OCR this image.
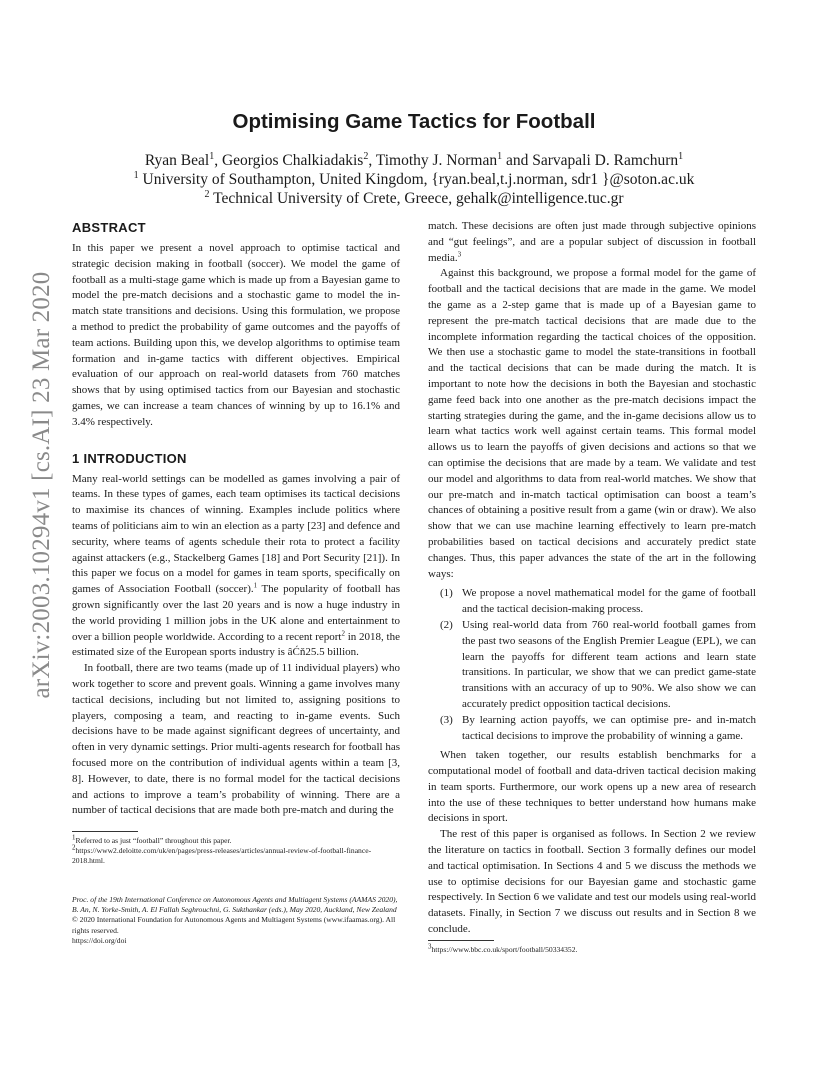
arXiv:2003.10294v1 [cs.AI] 23 Mar 2020
Optimising Game Tactics for Football
Ryan Beal$^1$, Georgios Chalkiadakis$^2$, Timothy J. Norman$^1$ and Sarvapali D. Ramchurn$^1$
$^1$ University of Southampton, United Kingdom, {ryan.beal,t.j.norman, sdr1 }@soton.ac.uk
$^2$ Technical University of Crete, Greece, gehalk@intelligence.tuc.gr
ABSTRACT

In this paper we present a novel approach to optimise tactical and strategic decision making in football (soccer). We model the game of football as a multi-stage game which is made up from a Bayesian game to model the pre-match decisions and a stochastic game to model the in-match state transitions and decisions. Using this formulation, we propose a method to predict the probability of game outcomes and the payoffs of team actions. Building upon this, we develop algorithms to optimise team formation and in-game tactics with different objectives. Empirical evaluation of our approach on real-world datasets from 760 matches shows that by using optimised tactics from our Bayesian and stochastic games, we can increase a team chances of winning by up to 16.1% and 3.4% respectively.

1 INTRODUCTION

Many real-world settings can be modelled as games involving a pair of teams. In these types of games, each team optimises its tactical decisions to maximise its chances of winning. Examples include politics where teams of politicians aim to win an election as a party [23] and defence and security, where teams of agents schedule their rota to protect a facility against attackers (e.g., Stackelberg Games [18] and Port Security [21]). In this paper we focus on a model for games in team sports, specifically on games of Association Football (soccer).$^1$ The popularity of football has grown significantly over the last 20 years and is now a huge industry in the world providing 1 million jobs in the UK alone and entertainment to over a billion people worldwide. According to a recent report$^2$ in 2018, the estimated size of the European sports industry is âĆň25.5 billion.

In football, there are two teams (made up of 11 individual players) who work together to score and prevent goals. Winning a game involves many tactical decisions, including but not limited to, assigning positions to players, composing a team, and reacting to in-game events. Such decisions have to be made against significant degrees of uncertainty, and often in very dynamic settings. Prior multi-agents research for football has focused more on the contribution of individual agents within a team [3, 8]. However, to date, there is no formal model for the tactical decisions and actions to improve a team’s probability of winning. There are a number of tactical decisions that are made both pre-match and during the

$^1$Referred to as just “football” throughout this paper.

$^2$https://www2.deloitte.com/uk/en/pages/press-releases/articles/annual-review-of-football-finance-2018.html.

Proc. of the 19th International Conference on Autonomous Agents and Multiagent Systems (AAMAS 2020), B. An, N. Yorke-Smith, A. El Fallah Seghrouchni, G. Sukthankar (eds.), May 2020, Auckland, New Zealand

© 2020 International Foundation for Autonomous Agents and Multiagent Systems (www.ifaamas.org). All rights reserved.

https://doi.org/doi

match. These decisions are often just made through subjective opinions and “gut feelings”, and are a popular subject of discussion in football media.$^3$

Against this background, we propose a formal model for the game of football and the tactical decisions that are made in the game. We model the game as a 2-step game that is made up of a Bayesian game to represent the pre-match tactical decisions that are made due to the incomplete information regarding the tactical choices of the opposition. We then use a stochastic game to model the state-transitions in football and the tactical decisions that can be made during the match. It is important to note how the decisions in both the Bayesian and stochastic game feed back into one another as the pre-match decisions impact the starting strategies during the game, and the in-game decisions allow us to learn what tactics work well against certain teams. This formal model allows us to learn the payoffs of given decisions and actions so that we can optimise the decisions that are made by a team. We validate and test our model and algorithms to data from real-world matches. We show that our pre-match and in-match tactical optimisation can boost a team’s chances of obtaining a positive result from a game (win or draw). We also show that we can use machine learning effectively to learn pre-match probabilities based on tactical decisions and accurately predict state changes. Thus, this paper advances the state of the art in the following ways:

(1) We propose a novel mathematical model for the game of football and the tactical decision-making process.
(2) Using real-world data from 760 real-world football games from the past two seasons of the English Premier League (EPL), we can learn the payoffs for different team actions and learn state transitions. In particular, we show that we can predict game-state transitions with an accuracy of up to 90%. We also show we can accurately predict opposition tactical decisions.
(3) By learning action payoffs, we can optimise pre- and in-match tactical decisions to improve the probability of winning a game.

When taken together, our results establish benchmarks for a computational model of football and data-driven tactical decision making in team sports. Furthermore, our work opens up a new area of research into the use of these techniques to better understand how humans make decisions in sport.

The rest of this paper is organised as follows. In Section 2 we review the literature on tactics in football. Section 3 formally defines our model and tactical optimisation. In Sections 4 and 5 we discuss the methods we use to optimise decisions for our Bayesian game and stochastic game respectively. In Section 6 we validate and test our models using real-world datasets. Finally, in Section 7 we discuss out results and in Section 8 we conclude.

$^3$https://www.bbc.co.uk/sport/football/50334352.
